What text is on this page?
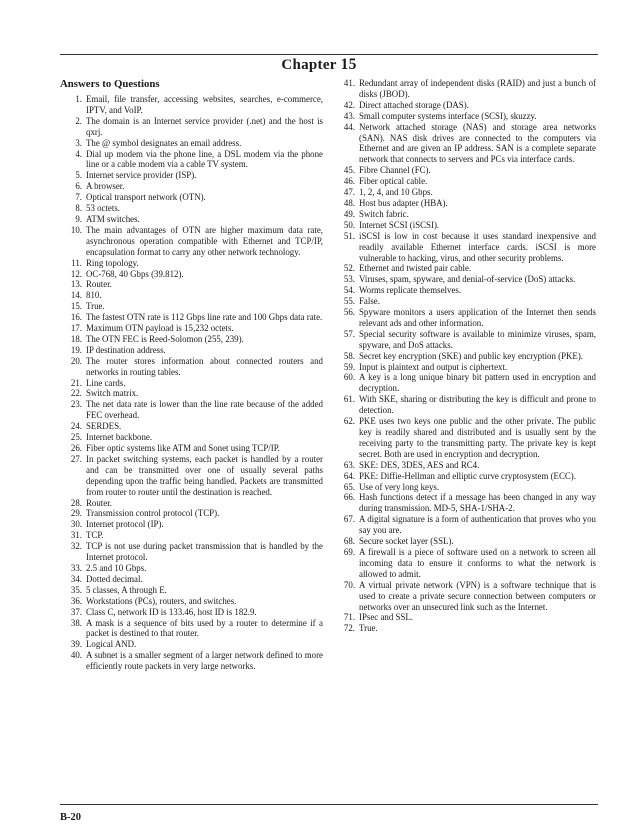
Chapter 15
Answers to Questions
1. Email, file transfer, accessing websites, searches, e-commerce, IPTV, and VoIP.
2. The domain is an Internet service provider (.net) and the host is qxrj.
3. The @ symbol designates an email address.
4. Dial up modem via the phone line, a DSL modem via the phone line or a cable modem via a cable TV system.
5. Internet service provider (ISP).
6. A browser.
7. Optical transport network (OTN).
8. 53 octets.
9. ATM switches.
10. The main advantages of OTN are higher maximum data rate, asynchronous operation compatible with Ethernet and TCP/IP, encapsulation format to carry any other network technology.
11. Ring topology.
12. OC-768, 40 Gbps (39.812).
13. Router.
14. 810.
15. True.
16. The fastest OTN rate is 112 Gbps line rate and 100 Gbps data rate.
17. Maximum OTN payload is 15,232 octets.
18. The OTN FEC is Reed-Solomon (255, 239).
19. IP destination address.
20. The router stores information about connected routers and networks in routing tables.
21. Line cards.
22. Switch matrix.
23. The net data rate is lower than the line rate because of the added FEC overhead.
24. SERDES.
25. Internet backbone.
26. Fiber optic systems like ATM and Sonet using TCP/IP.
27. In packet switching systems, each packet is handled by a router and can be transmitted over one of usually several paths depending upon the traffic being handled. Packets are transmitted from router to router until the destination is reached.
28. Router.
29. Transmission control protocol (TCP).
30. Internet protocol (IP).
31. TCP.
32. TCP is not use during packet transmission that is handled by the Internet protocol.
33. 2.5 and 10 Gbps.
34. Dotted decimal.
35. 5 classes, A through E.
36. Workstations (PCs), routers, and switches.
37. Class C, network ID is 133.46, host ID is 182.9.
38. A mask is a sequence of bits used by a router to determine if a packet is destined to that router.
39. Logical AND.
40. A subnet is a smaller segment of a larger network defined to more efficiently route packets in very large networks.
41. Redundant array of independent disks (RAID) and just a bunch of disks (JBOD).
42. Direct attached storage (DAS).
43. Small computer systems interface (SCSI), skuzzy.
44. Network attached storage (NAS) and storage area networks (SAN). NAS disk drives are connected to the computers via Ethernet and are given an IP address. SAN is a complete separate network that connects to servers and PCs via interface cards.
45. Fibre Channel (FC).
46. Fiber optical cable.
47. 1, 2, 4, and 10 Gbps.
48. Host bus adapter (HBA).
49. Switch fabric.
50. Internet SCSI (iSCSI).
51. iSCSI is low in cost because it uses standard inexpensive and readily available Ethernet interface cards. iSCSI is more vulnerable to hacking, virus, and other security problems.
52. Ethernet and twisted pair cable.
53. Viruses, spam, spyware, and denial-of-service (DoS) attacks.
54. Worms replicate themselves.
55. False.
56. Spyware monitors a users application of the Internet then sends relevant ads and other information.
57. Special security software is available to minimize viruses, spam, spyware, and DoS attacks.
58. Secret key encryption (SKE) and public key encryption (PKE).
59. Input is plaintext and output is ciphertext.
60. A key is a long unique binary bit pattern used in encryption and decryption.
61. With SKE, sharing or distributing the key is difficult and prone to detection.
62. PKE uses two keys one public and the other private. The public key is readily shared and distributed and is usually sent by the receiving party to the transmitting party. The private key is kept secret. Both are used in encryption and decryption.
63. SKE: DES, 3DES, AES and RC4.
64. PKE: Diffie-Hellman and elliptic curve cryptosystem (ECC).
65. Use of very long keys.
66. Hash functions detect if a message has been changed in any way during transmission. MD-5, SHA-1/SHA-2.
67. A digital signature is a form of authentication that proves who you say you are.
68. Secure socket layer (SSL).
69. A firewall is a piece of software used on a network to screen all incoming data to ensure it conforms to what the network is allowed to admit.
70. A virtual private network (VPN) is a software technique that is used to create a private secure connection between computers or networks over an unsecured link such as the Internet.
71. IPsec and SSL.
72. True.
B-20
